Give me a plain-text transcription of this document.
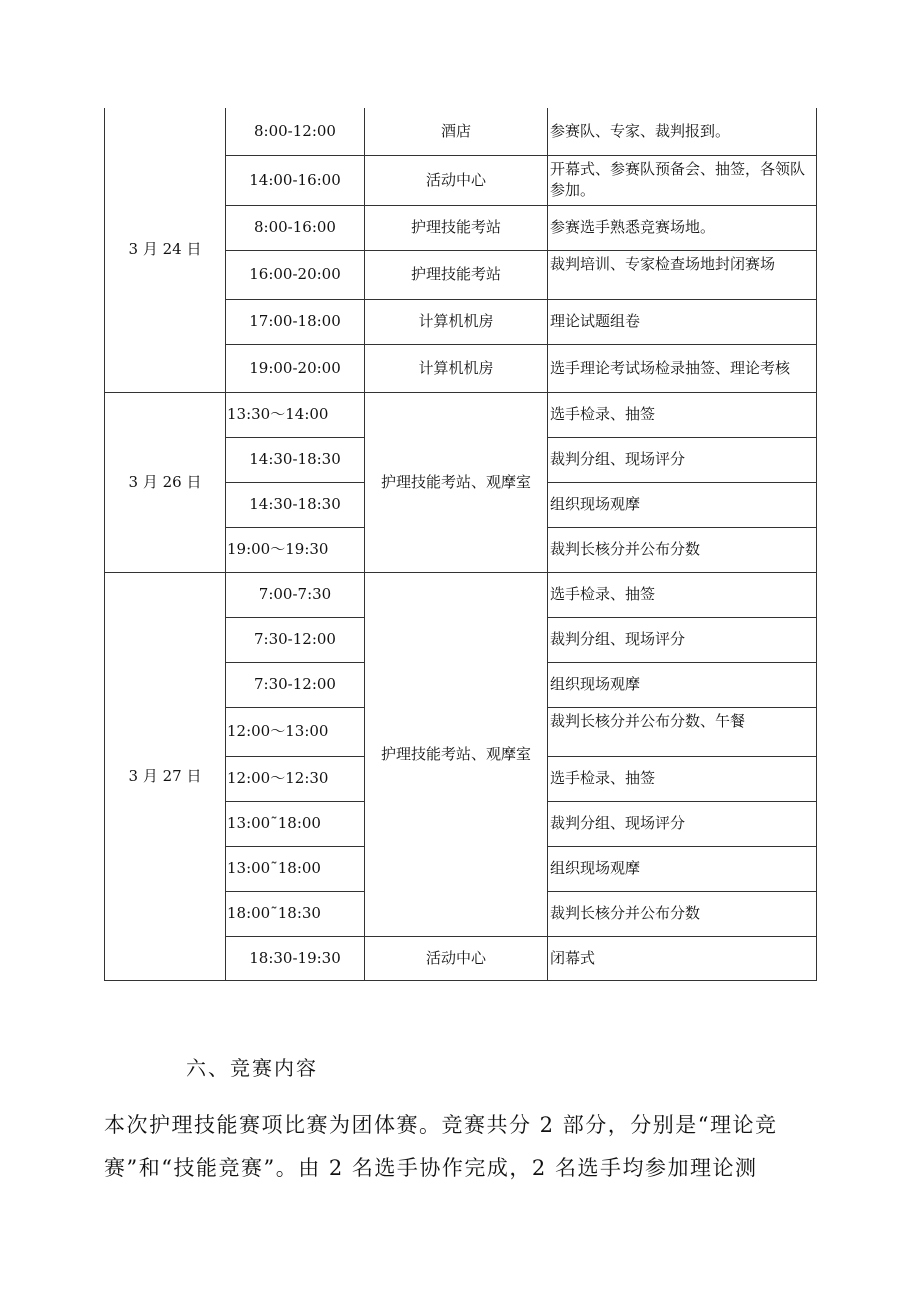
3 月 24 日	8:00-12:00	酒店	参赛队、专家、裁判报到。
	14:00-16:00	活动中心	开幕式、参赛队预备会、抽签，各领队参加。
	8:00-16:00	护理技能考站	参赛选手熟悉竞赛场地。
	16:00-20:00	护理技能考站	裁判培训、专家检查场地封闭赛场
	17:00-18:00	计算机机房	理论试题组卷
	19:00-20:00	计算机机房	选手理论考试场检录抽签、理论考核
3 月 26 日	13:30～14:00	护理技能考站、观摩室	选手检录、抽签
	14:30-18:30		裁判分组、现场评分
	14:30-18:30		组织现场观摩
	19:00～19:30		裁判长核分并公布分数
3 月 27 日	7:00-7:30	护理技能考站、观摩室	选手检录、抽签
	7:30-12:00		裁判分组、现场评分
	7:30-12:00		组织现场观摩
	12:00～13:00		裁判长核分并公布分数、午餐
	12:00～12:30		选手检录、抽签
	13:00˜18:00		裁判分组、现场评分
	13:00˜18:00		组织现场观摩
	18:00˜18:30		裁判长核分并公布分数
	18:30-19:30	活动中心	闭幕式
六、竞赛内容
本次护理技能赛项比赛为团体赛。竞赛共分 2 部分，分别是“理论竞赛”和“技能竞赛”。由 2 名选手协作完成，2 名选手均参加理论测
